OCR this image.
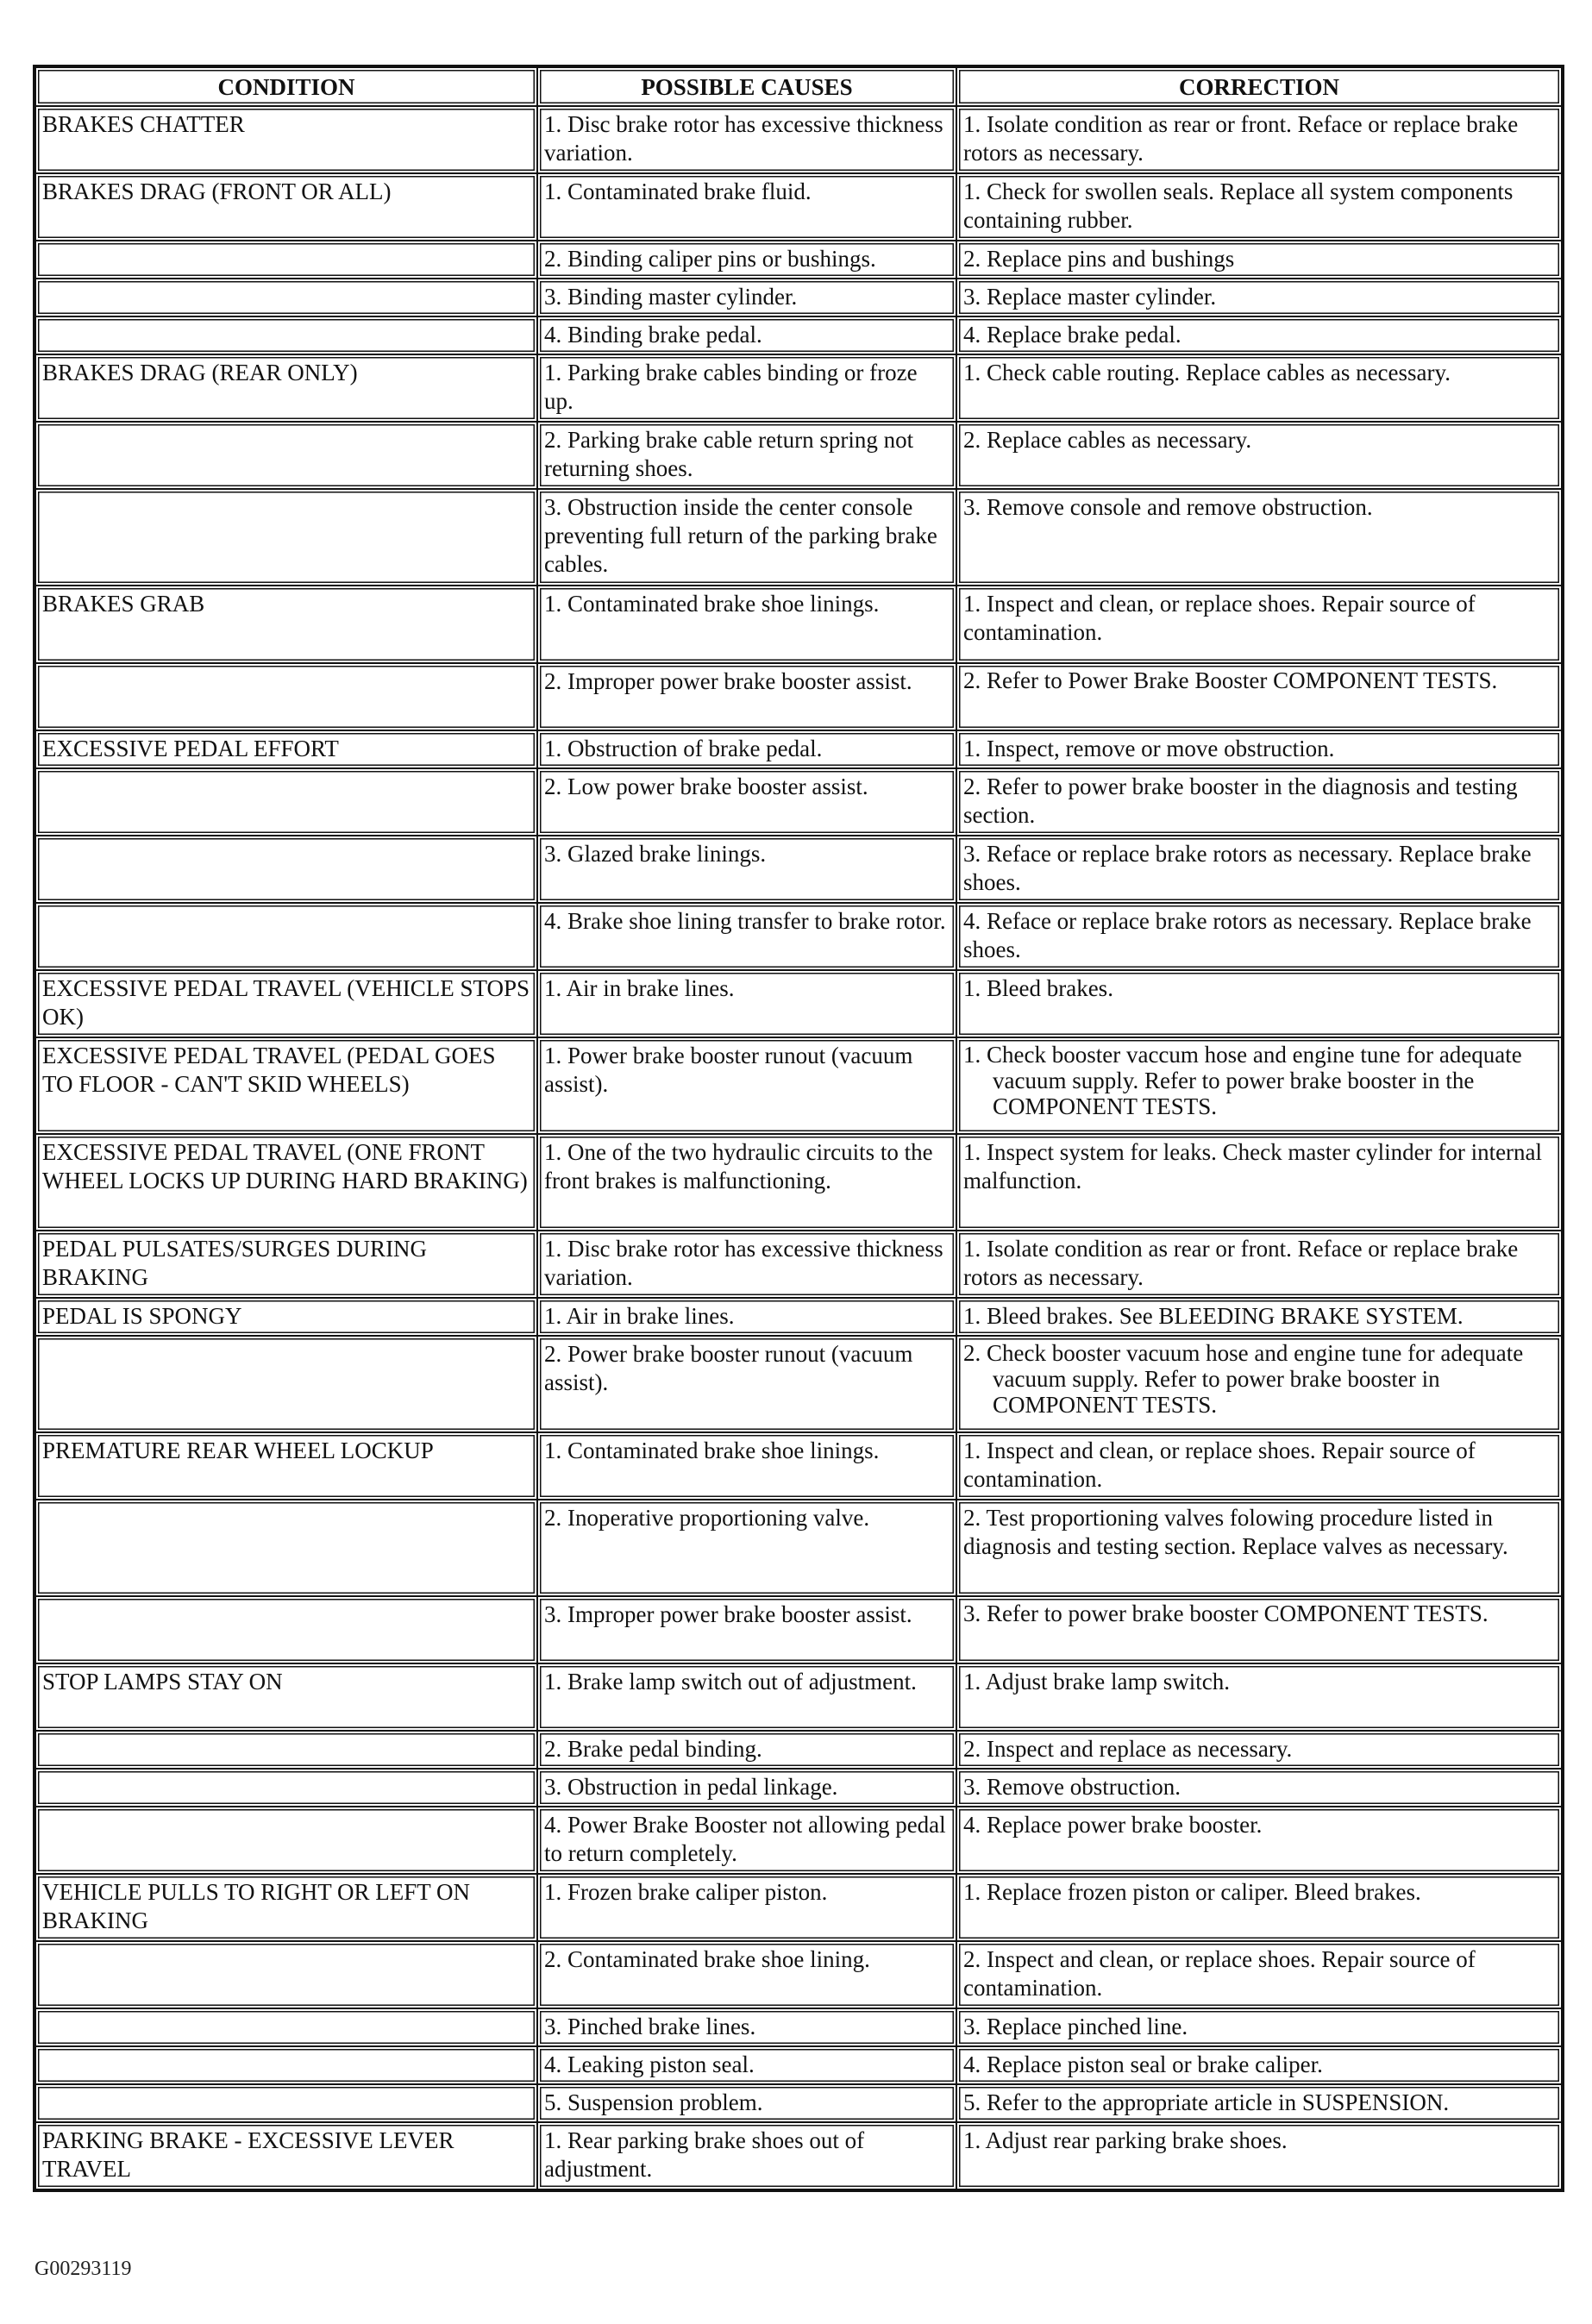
CONDITION	POSSIBLE CAUSES	CORRECTION
BRAKES CHATTER	1. Disc brake rotor has excessive thickness variation.	1. Isolate condition as rear or front. Reface or replace brake rotors as necessary.
BRAKES DRAG (FRONT OR ALL)	1. Contaminated brake fluid.	1. Check for swollen seals. Replace all system components containing rubber.
	2. Binding caliper pins or bushings.	2. Replace pins and bushings
	3. Binding master cylinder.	3. Replace master cylinder.
	4. Binding brake pedal.	4. Replace brake pedal.
BRAKES DRAG (REAR ONLY)	1. Parking brake cables binding or froze up.	1. Check cable routing. Replace cables as necessary.
	2. Parking brake cable return spring not returning shoes.	2. Replace cables as necessary.
	3. Obstruction inside the center console preventing full return of the parking brake cables.	3. Remove console and remove obstruction.
BRAKES GRAB	1. Contaminated brake shoe linings.	1. Inspect and clean, or replace shoes. Repair source of contamination.
	2. Improper power brake booster assist.	2. Refer to Power Brake Booster COMPONENT TESTS.
EXCESSIVE PEDAL EFFORT	1. Obstruction of brake pedal.	1. Inspect, remove or move obstruction.
	2. Low power brake booster assist.	2. Refer to power brake booster in the diagnosis and testing section.
	3. Glazed brake linings.	3. Reface or replace brake rotors as necessary. Replace brake shoes.
	4. Brake shoe lining transfer to brake rotor.	4. Reface or replace brake rotors as necessary. Replace brake shoes.
EXCESSIVE PEDAL TRAVEL (VEHICLE STOPS OK)	1. Air in brake lines.	1. Bleed brakes.
EXCESSIVE PEDAL TRAVEL (PEDAL GOES TO FLOOR - CAN'T SKID WHEELS)	1. Power brake booster runout (vacuum assist).	1. Check booster vaccum hose and engine tune for adequate vacuum supply. Refer to power brake booster in the COMPONENT TESTS.
EXCESSIVE PEDAL TRAVEL (ONE FRONT WHEEL LOCKS UP DURING HARD BRAKING)	1. One of the two hydraulic circuits to the front brakes is malfunctioning.	1. Inspect system for leaks. Check master cylinder for internal malfunction.
PEDAL PULSATES/SURGES DURING BRAKING	1. Disc brake rotor has excessive thickness variation.	1. Isolate condition as rear or front. Reface or replace brake rotors as necessary.
PEDAL IS SPONGY	1. Air in brake lines.	1. Bleed brakes. See BLEEDING BRAKE SYSTEM.
	2. Power brake booster runout (vacuum assist).	2. Check booster vacuum hose and engine tune for adequate vacuum supply. Refer to power brake booster in COMPONENT TESTS.
PREMATURE REAR WHEEL LOCKUP	1. Contaminated brake shoe linings.	1. Inspect and clean, or replace shoes. Repair source of contamination.
	2. Inoperative proportioning valve.	2. Test proportioning valves folowing procedure listed in diagnosis and testing section. Replace valves as necessary.
	3. Improper power brake booster assist.	3. Refer to power brake booster COMPONENT TESTS.
STOP LAMPS STAY ON	1. Brake lamp switch out of adjustment.	1. Adjust brake lamp switch.
	2. Brake pedal binding.	2. Inspect and replace as necessary.
	3. Obstruction in pedal linkage.	3. Remove obstruction.
	4. Power Brake Booster not allowing pedal to return completely.	4. Replace power brake booster.
VEHICLE PULLS TO RIGHT OR LEFT ON BRAKING	1. Frozen brake caliper piston.	1. Replace frozen piston or caliper. Bleed brakes.
	2. Contaminated brake shoe lining.	2. Inspect and clean, or replace shoes. Repair source of contamination.
	3. Pinched brake lines.	3. Replace pinched line.
	4. Leaking piston seal.	4. Replace piston seal or brake caliper.
	5. Suspension problem.	5. Refer to the appropriate article in SUSPENSION.
PARKING BRAKE - EXCESSIVE LEVER TRAVEL	1. Rear parking brake shoes out of adjustment.	1. Adjust rear parking brake shoes.
G00293119
